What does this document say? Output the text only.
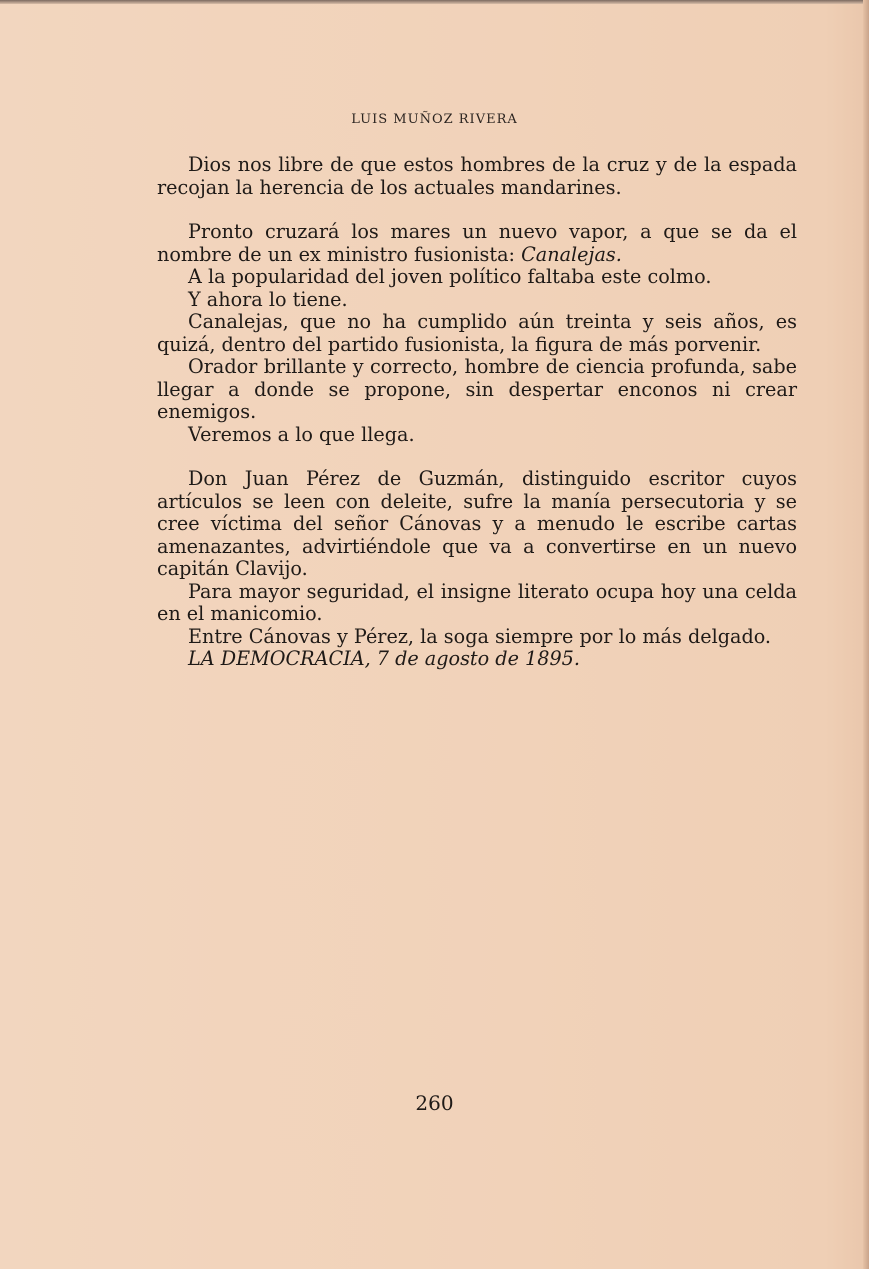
LUIS MUÑOZ RIVERA

Dios nos libre de que estos hombres de la cruz y de la espada recojan la herencia de los actuales mandarines.

Pronto cruzará los mares un nuevo vapor, a que se da el nombre de un ex ministro fusionista: Canalejas.

A la popularidad del joven político faltaba este colmo.

Y ahora lo tiene.

Canalejas, que no ha cumplido aún treinta y seis años, es quizá, dentro del partido fusionista, la figura de más porvenir.

Orador brillante y correcto, hombre de ciencia profunda, sabe llegar a donde se propone, sin despertar enconos ni crear enemigos.

Veremos a lo que llega.

Don Juan Pérez de Guzmán, distinguido escritor cuyos artículos se leen con deleite, sufre la manía persecutoria y se cree víctima del señor Cánovas y a menudo le escribe cartas amenazantes, advirtiéndole que va a convertirse en un nuevo capitán Clavijo.

Para mayor seguridad, el insigne literato ocupa hoy una celda en el manicomio.

Entre Cánovas y Pérez, la soga siempre por lo más delgado.

LA DEMOCRACIA, 7 de agosto de 1895.

260
